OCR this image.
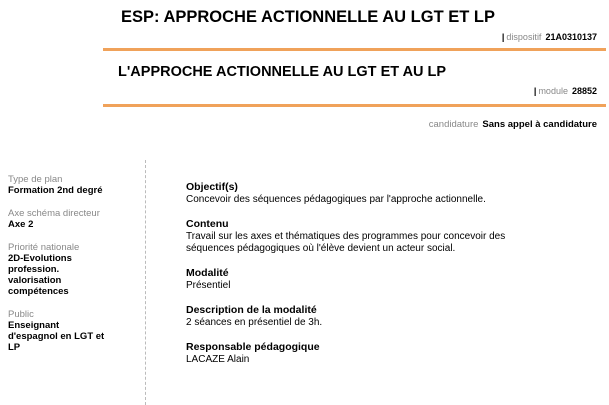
ESP: APPROCHE ACTIONNELLE AU LGT ET LP
| dispositif 21A0310137
L'APPROCHE ACTIONNELLE AU LGT ET AU LP
| module 28852
candidature Sans appel à candidature
Type de plan
Formation 2nd degré
Axe schéma directeur
Axe 2
Priorité nationale
2D-Evolutions
profession.
valorisation
compétences
Public
Enseignant
d'espagnol en LGT et
LP
Objectif(s)
Concevoir des séquences pédagogiques par l'approche actionnelle.
Contenu
Travail sur les axes et thématiques des programmes pour concevoir des
séquences pédagogiques où l'élève devient un acteur social.
Modalité
Présentiel
Description de la modalité
2 séances en présentiel de 3h.
Responsable pédagogique
LACAZE Alain
